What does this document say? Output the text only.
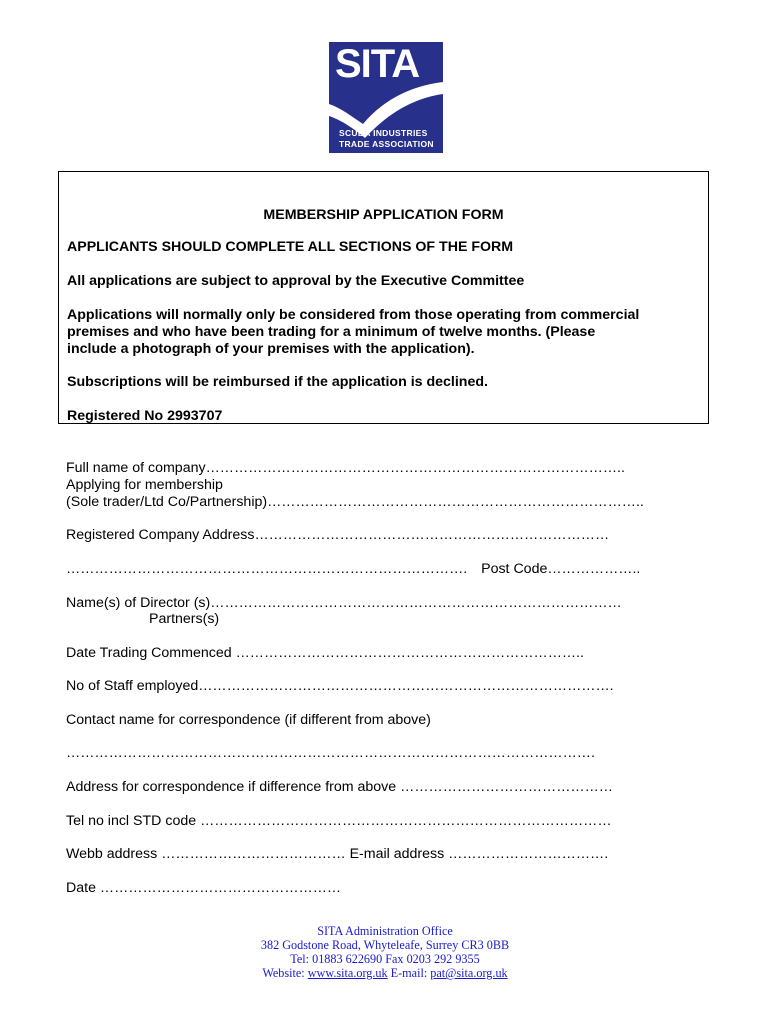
SITA
SCUBA INDUSTRIES
TRADE ASSOCIATION
MEMBERSHIP APPLICATION FORM
APPLICANTS SHOULD COMPLETE ALL SECTIONS OF THE FORM
All applications are subject to approval by the Executive Committee
Applications will normally only be considered from those operating from commercial
premises and who have been trading for a minimum of twelve months. (Please
include a photograph of your premises with the application).
Subscriptions will be reimbursed if the application is declined.
Registered No 2993707
Full name of company……………………………………………………………………………..
Applying for membership
(Sole trader/Ltd Co/Partnership)……………………………………………………………………..
Registered Company Address…………………………………………………………………
…………………………………………………………………………. Post Code………………..
Name(s) of Director (s)……………………………………………………………………………
Partners(s)
Date Trading Commenced ………………………………………………………………..
No of Staff employed…………………………………………………………………………….
Contact name for correspondence (if different from above)
………………………………………………………………………………………………….
Address for correspondence if difference from above ………………………………………
Tel no incl STD code ……………………………………………………………………………
Webb address ………………………………… E-mail address …………………………….
Date ……………………………………………
SITA Administration Office
382 Godstone Road, Whyteleafe, Surrey CR3 0BB
Tel: 01883 622690 Fax 0203 292 9355
Website: www.sita.org.uk E-mail: pat@sita.org.uk
